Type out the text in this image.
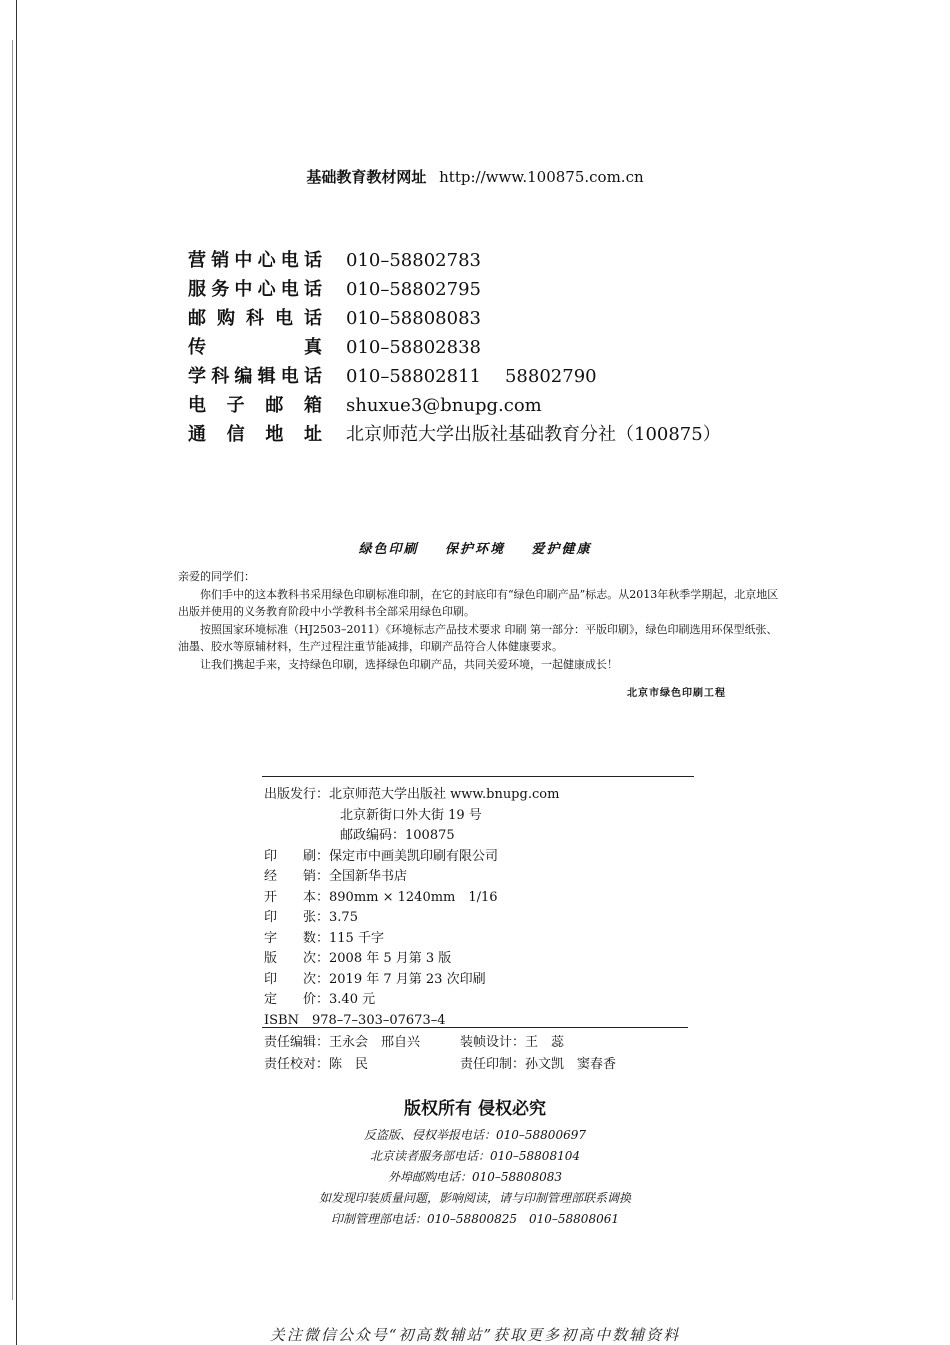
基础教育教材网址 http://www.100875.com.cn
营销中心电话 010–58802783
服务中心电话 010–58802795
邮购科电话 010–58808083
传真 010–58802838
学科编辑电话 010–58802811 58802790
电子邮箱 shuxue3@bnupg.com
通信地址 北京师范大学出版社基础教育分社（100875）
绿色印刷 保护环境 爱护健康
亲爱的同学们：

你们手中的这本教科书采用绿色印刷标准印制，在它的封底印有“绿色印刷产品”标志。从2013年秋季学期起，北京地区出版并使用的义务教育阶段中小学教科书全部采用绿色印刷。

按照国家环境标准（HJ2503–2011）《环境标志产品技术要求 印刷 第一部分：平版印刷》，绿色印刷选用环保型纸张、油墨、胶水等原辅材料，生产过程注重节能减排，印刷产品符合人体健康要求。

让我们携起手来，支持绿色印刷，选择绿色印刷产品，共同关爱环境，一起健康成长！

北京市绿色印刷工程
出版发行：北京师范大学出版社 www.bnupg.com
北京新街口外大街 19 号
邮政编码：100875
印　　刷：保定市中画美凯印刷有限公司
经　　销：全国新华书店
开　　本：890mm × 1240mm　1/16
印　　张：3.75
字　　数：115 千字
版　　次：2008 年 5 月第 3 版
印　　次：2019 年 7 月第 23 次印刷
定　　价：3.40 元
ISBN　978–7–303–07673–4
责任编辑：王永会　邢自兴	装帧设计：王　蕊
责任校对：陈　民	责任印制：孙文凯　窦春香
版权所有 侵权必究
反盗版、侵权举报电话：010–58800697
北京读者服务部电话：010–58808104
外埠邮购电话：010–58808083
如发现印装质量问题，影响阅读，请与印制管理部联系调换
印制管理部电话：010–58800825　010–58808061
关注微信公众号“初高数辅站”获取更多初高中数辅资料
